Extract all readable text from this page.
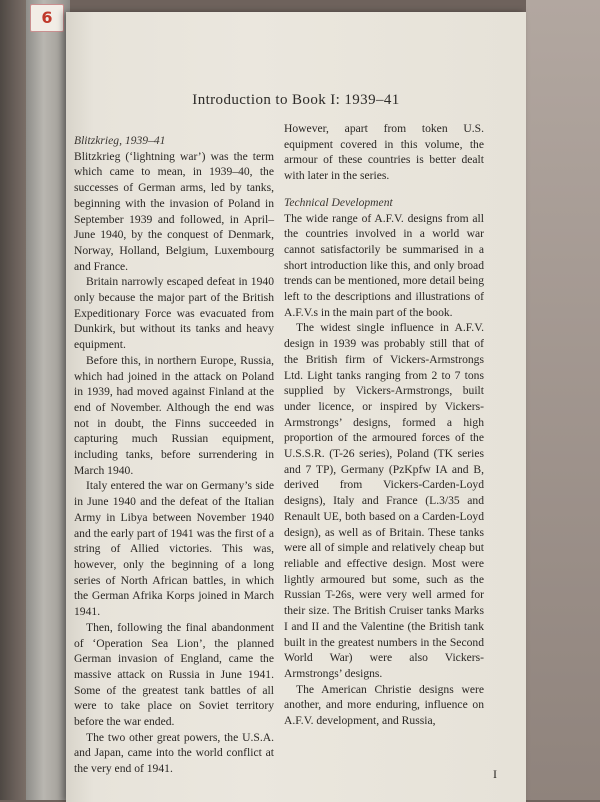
6
Introduction to Book I: 1939–41

Blitzkrieg, 1939–41

Blitzkrieg (‘lightning war’) was the term which came to mean, in 1939–40, the successes of German arms, led by tanks, beginning with the invasion of Poland in September 1939 and followed, in April–June 1940, by the conquest of Denmark, Norway, Holland, Belgium, Luxembourg and France.

Britain narrowly escaped defeat in 1940 only because the major part of the British Expeditionary Force was evacuated from Dunkirk, but without its tanks and heavy equipment.

Before this, in northern Europe, Russia, which had joined in the attack on Poland in 1939, had moved against Finland at the end of November. Although the end was not in doubt, the Finns succeeded in capturing much Russian equipment, including tanks, before surrendering in March 1940.

Italy entered the war on Germany’s side in June 1940 and the defeat of the Italian Army in Libya between November 1940 and the early part of 1941 was the first of a string of Allied victories. This was, however, only the beginning of a long series of North African battles, in which the German Afrika Korps joined in March 1941.

Then, following the final abandonment of ‘Operation Sea Lion’, the planned German invasion of England, came the massive attack on Russia in June 1941. Some of the greatest tank battles of all were to take place on Soviet territory before the war ended.

The two other great powers, the U.S.A. and Japan, came into the world conflict at the very end of 1941.

However, apart from token U.S. equipment covered in this volume, the armour of these countries is better dealt with later in the series.

Technical Development

The wide range of A.F.V. designs from all the countries involved in a world war cannot satisfactorily be summarised in a short introduction like this, and only broad trends can be mentioned, more detail being left to the descriptions and illustrations of A.F.V.s in the main part of the book.

The widest single influence in A.F.V. design in 1939 was probably still that of the British firm of Vickers-Armstrongs Ltd. Light tanks ranging from 2 to 7 tons supplied by Vickers-Armstrongs, built under licence, or inspired by Vickers-Armstrongs’ designs, formed a high proportion of the armoured forces of the U.S.S.R. (T-26 series), Poland (TK series and 7 TP), Germany (PzKpfw IA and B, derived from Vickers-Carden-Loyd designs), Italy and France (L.3/35 and Renault UE, both based on a Carden-Loyd design), as well as of Britain. These tanks were all of simple and relatively cheap but reliable and effective design. Most were lightly armoured but some, such as the Russian T-26s, were very well armed for their size. The British Cruiser tanks Marks I and II and the Valentine (the British tank built in the greatest numbers in the Second World War) were also Vickers-Armstrongs’ designs.

The American Christie designs were another, and more enduring, influence on A.F.V. development, and Russia,

I
